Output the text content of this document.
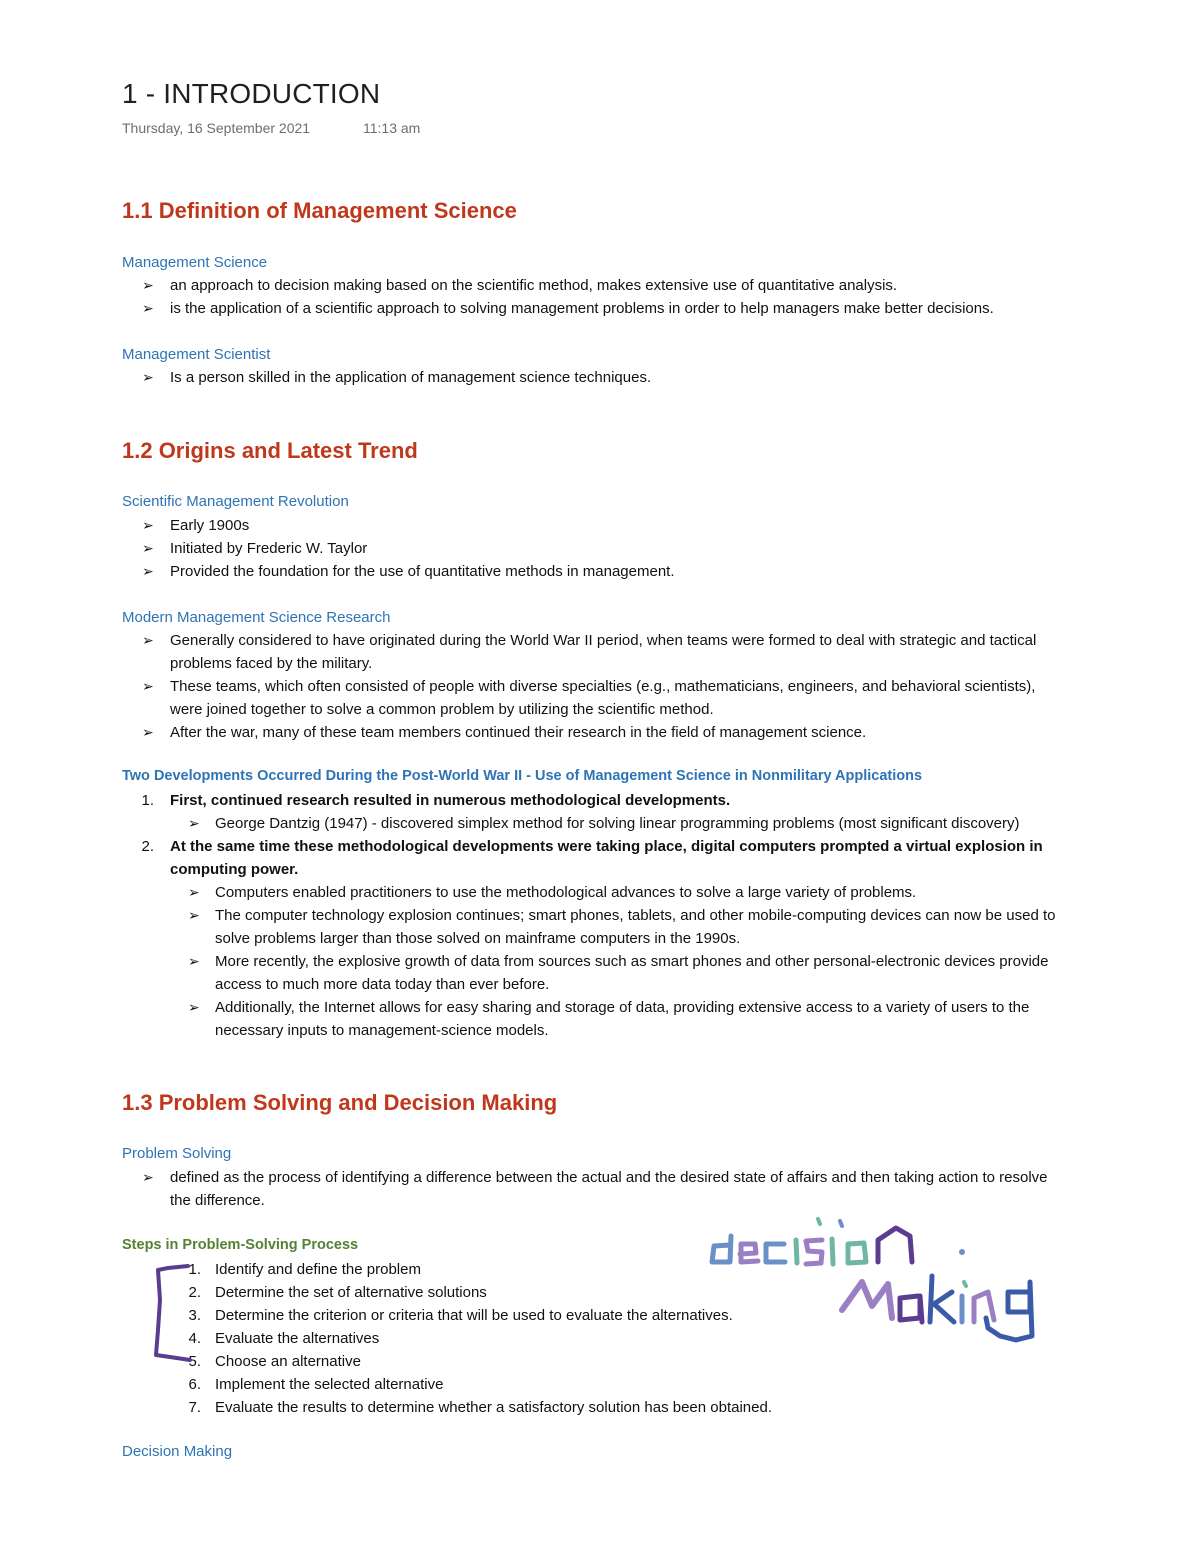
1 - INTRODUCTION
Thursday, 16 September 2021	11:13 am
1.1 Definition of Management Science
Management Science
➢ an approach to decision making based on the scientific method, makes extensive use of quantitative analysis.
➢ is the application of a scientific approach to solving management problems in order to help managers make better decisions.
Management Scientist
➢ Is a person skilled in the application of management science techniques.
1.2 Origins and Latest Trend
Scientific Management Revolution
➢ Early 1900s
➢ Initiated by Frederic W. Taylor
➢ Provided the foundation for the use of quantitative methods in management.
Modern Management Science Research
➢ Generally considered to have originated during the World War II period, when teams were formed to deal with strategic and tactical
problems faced by the military.
➢ These teams, which often consisted of people with diverse specialties (e.g., mathematicians, engineers, and behavioral scientists),
were joined together to solve a common problem by utilizing the scientific method.
➢ After the war, many of these team members continued their research in the field of management science.
Two Developments Occurred During the Post-World War II - Use of Management Science in Nonmilitary Applications
1. First, continued research resulted in numerous methodological developments.
➢ George Dantzig (1947) - discovered simplex method for solving linear programming problems (most significant discovery)
2. At the same time these methodological developments were taking place, digital computers prompted a virtual explosion in
computing power.
➢ Computers enabled practitioners to use the methodological advances to solve a large variety of problems.
➢ The computer technology explosion continues; smart phones, tablets, and other mobile-computing devices can now be used to
solve problems larger than those solved on mainframe computers in the 1990s.
➢ More recently, the explosive growth of data from sources such as smart phones and other personal-electronic devices provide
access to much more data today than ever before.
➢ Additionally, the Internet allows for easy sharing and storage of data, providing extensive access to a variety of users to the
necessary inputs to management-science models.
1.3 Problem Solving and Decision Making
Problem Solving
➢ defined as the process of identifying a difference between the actual and the desired state of affairs and then taking action to resolve
the difference.
Steps in Problem-Solving Process
1. Identify and define the problem
2. Determine the set of alternative solutions
3. Determine the criterion or criteria that will be used to evaluate the alternatives.
4. Evaluate the alternatives
5. Choose an alternative
6. Implement the selected alternative
7. Evaluate the results to determine whether a satisfactory solution has been obtained.
Decision Making
